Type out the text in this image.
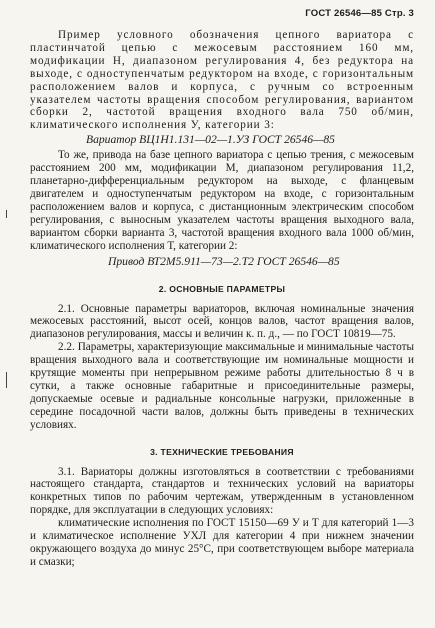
ГОСТ 26546—85 Стр. 3

Пример условного обозначения цепного вариатора с пластинчатой цепью с межосевым расстоянием 160 мм, модификации Н, диапазоном регулирования 4, без редуктора на выходе, с одноступенчатым редуктором на входе, с горизонтальным расположением валов и корпуса, с ручным со встроенным указателем частоты вращения способом регулирования, вариантом сборки 2, частотой вращения входного вала 750 об/мин, климатического исполнения У, категории 3:

Вариатор ВЦ1Н1.131—02—1.УЗ ГОСТ 26546—85

То же, привода на базе цепного вариатора с цепью трения, с межосевым расстоянием 200 мм, модификации М, диапазоном регулирования 11,2, планетарно-дифференциальным редуктором на выходе, с фланцевым двигателем и одноступенчатым редуктором на входе, с горизонтальным расположением валов и корпуса, с дистанционным электрическим способом регулирования, с выносным указателем частоты вращения выходного вала, вариантом сборки варианта 3, частотой вращения входного вала 1000 об/мин, климатического исполнения Т, категории 2:

Привод ВТ2М5.911—73—2.Т2 ГОСТ 26546—85
2. ОСНОВНЫЕ ПАРАМЕТРЫ

2.1. Основные параметры вариаторов, включая номинальные значения межосевых расстояний, высот осей, концов валов, частот вращения валов, диапазонов регулирования, массы и величин к. п. д., — по ГОСТ 10819—75.

2.2. Параметры, характеризующие максимальные и минимальные частоты вращения выходного вала и соответствующие им номинальные мощности и крутящие моменты при непрерывном режиме работы длительностью 8 ч в сутки, а также основные габаритные и присоединительные размеры, допускаемые осевые и радиальные консольные нагрузки, приложенные в середине посадочной части валов, должны быть приведены в технических условиях.

3. ТЕХНИЧЕСКИЕ ТРЕБОВАНИЯ

3.1. Вариаторы должны изготовляться в соответствии с требованиями настоящего стандарта, стандартов и технических условий на вариаторы конкретных типов по рабочим чертежам, утвержденным в установленном порядке, для эксплуатации в следующих условиях:

климатические исполнения по ГОСТ 15150—69 У и Т для категорий 1—3 и климатическое исполнение УХЛ для категории 4 при нижнем значении окружающего воздуха до минус 25°С, при соответствующем выборе материала и смазки;
